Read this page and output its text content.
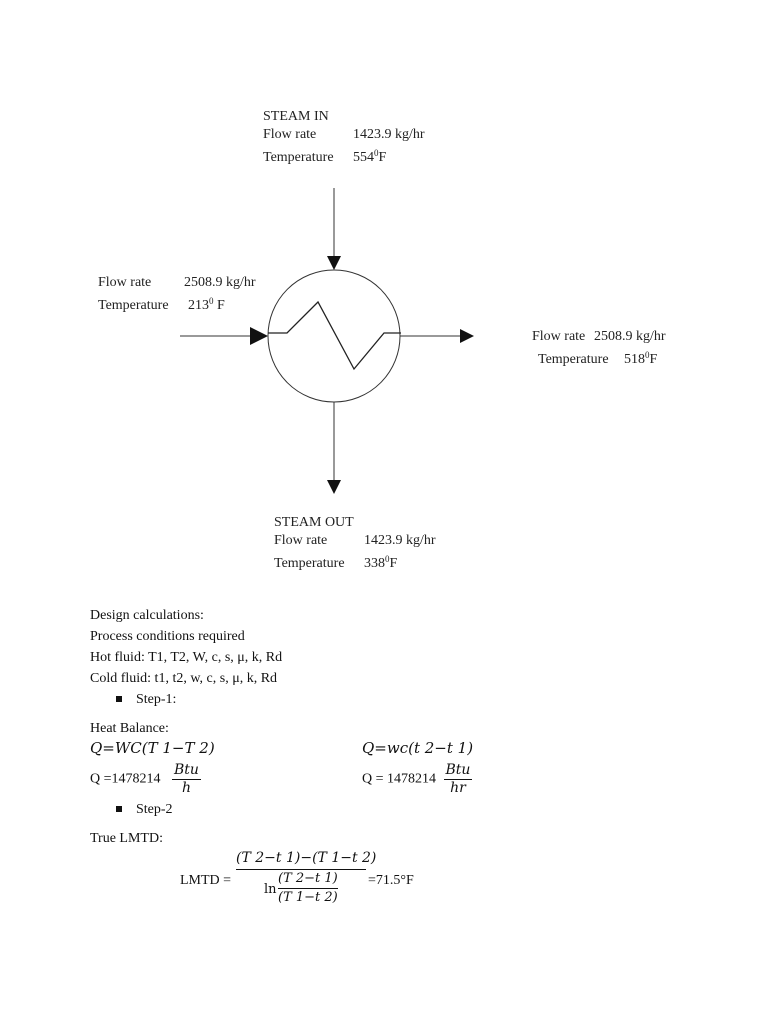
STEAM IN
Flow rate	1423.9 kg/hr
Temperature $554^0F$
Flow rate 2508.9 kg/hr
Temperature $213^0$ F
Flow rate 2508.9 kg/hr
Temperature $518^0F$
STEAM OUT
Flow rate	1423.9 kg/hr
Temperature $338^0F$
Design calculations:
Process conditions required
Hot fluid: T1, T2, W, c, s, μ, k, Rd
Cold fluid: t1, t2, w, c, s, μ, k, Rd
Step-1:
Heat Balance:
Q=WC(T 1−T 2)	Q=wc(t 2−t 1)
$Q =1478214 \frac{\text{Btu}}{h}$	$Q = 1478214 \frac{\text{Btu}}{hr}$
Step-2
True LMTD:
LMTD =
(T 2−t 1)−(T 1−t 2)
ln
(T 2−t 1)
(T 1−t 2)
=71.5°F
